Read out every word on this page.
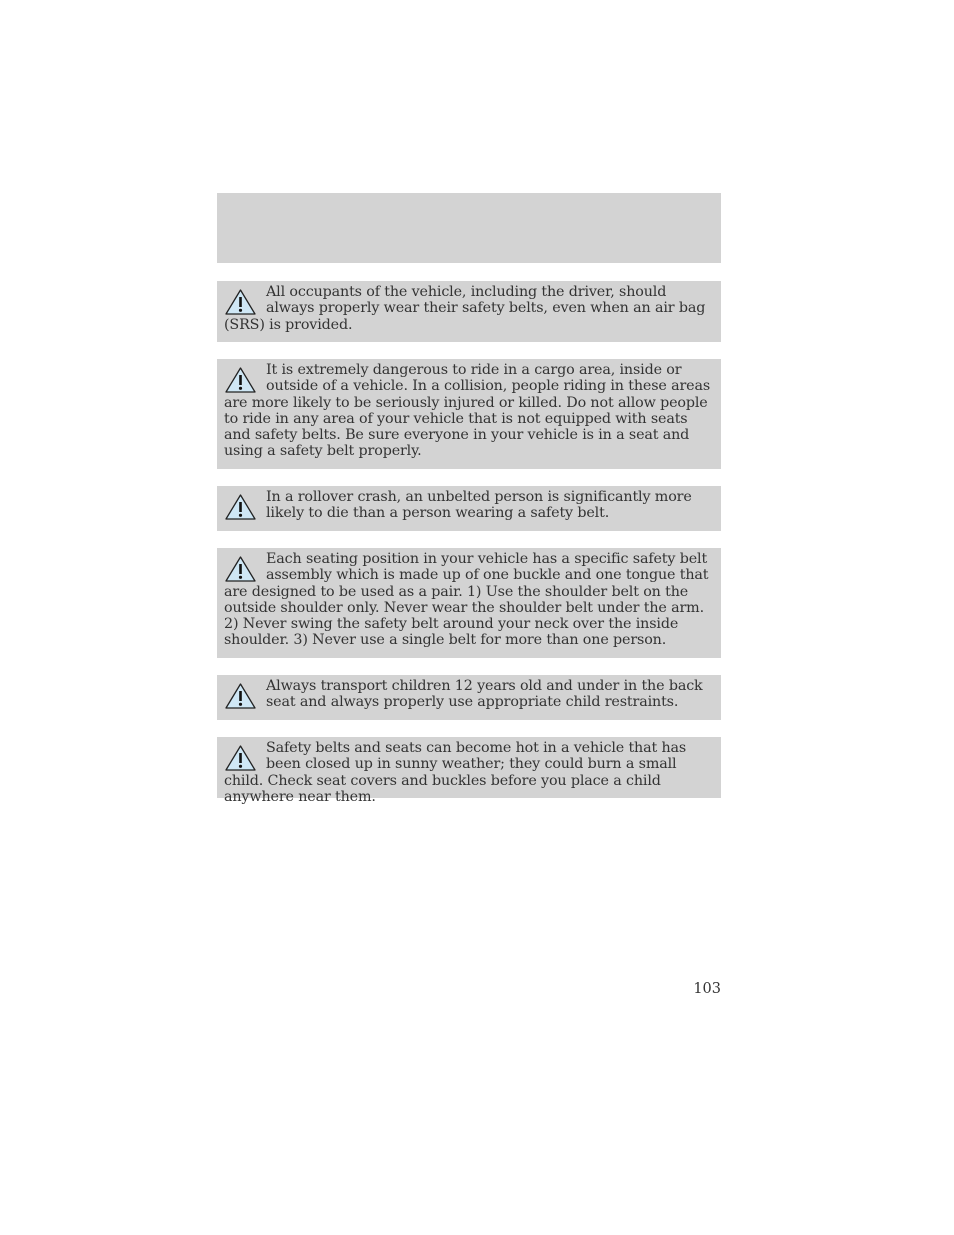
All occupants of the vehicle, including the driver, should always properly wear their safety belts, even when an air bag (SRS) is provided.

It is extremely dangerous to ride in a cargo area, inside or outside of a vehicle. In a collision, people riding in these areas are more likely to be seriously injured or killed. Do not allow people to ride in any area of your vehicle that is not equipped with seats and safety belts. Be sure everyone in your vehicle is in a seat and using a safety belt properly.

In a rollover crash, an unbelted person is significantly more likely to die than a person wearing a safety belt.

Each seating position in your vehicle has a specific safety belt assembly which is made up of one buckle and one tongue that are designed to be used as a pair. 1) Use the shoulder belt on the outside shoulder only. Never wear the shoulder belt under the arm. 2) Never swing the safety belt around your neck over the inside shoulder. 3) Never use a single belt for more than one person.

Always transport children 12 years old and under in the back seat and always properly use appropriate child restraints.

Safety belts and seats can become hot in a vehicle that has been closed up in sunny weather; they could burn a small child. Check seat covers and buckles before you place a child anywhere near them.

103
